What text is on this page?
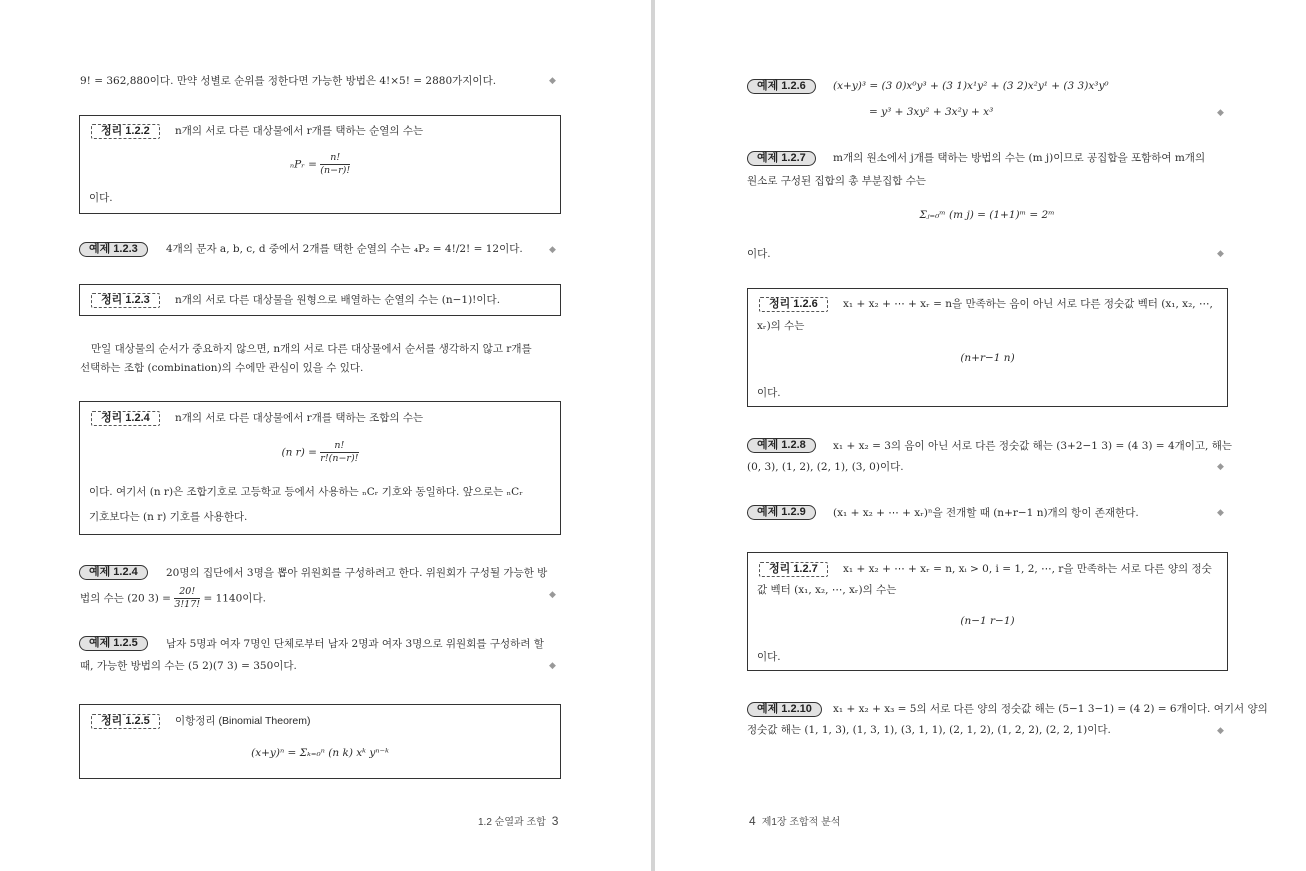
9! = 362,880이다. 만약 성별로 순위를 정한다면 가능한 방법은 4!×5! = 2880가지이다.	◆
정리 1.2.2	n개의 서로 다른 대상물에서 r개를 택하는 순열의 수는
ₙPᵣ = $\frac{n!}{(n-r)!}$
이다.
예제 1.2.3	4개의 문자 a, b, c, d 중에서 2개를 택한 순열의 수는 ₄P₂ = 4!/2! = 12이다.	◆
정리 1.2.3	n개의 서로 다른 대상물을 원형으로 배열하는 순열의 수는 (n−1)!이다.
만일 대상물의 순서가 중요하지 않으면, n개의 서로 다른 대상물에서 순서를 생각하지 않고 r개를
선택하는 조합 (combination)의 수에만 관심이 있을 수 있다.
정리 1.2.4	n개의 서로 다른 대상물에서 r개를 택하는 조합의 수는
(n $r) = \frac{n!}{r!(n-r)!}$
이다. 여기서 (n r)은 조합기호로 고등학교 등에서 사용하는 ₙCᵣ 기호와 동일하다. 앞으로는 ₙCᵣ
기호보다는 (n r) 기호를 사용한다.
예제 1.2.4	20명의 집단에서 3명을 뽑아 위원회를 구성하려고 한다. 위원회가 구성될 가능한 방
법의 수는 (20 $3) = \frac{20!}{3!17!} = 1140$이다.	◆
예제 1.2.5	남자 5명과 여자 7명인 단체로부터 남자 2명과 여자 3명으로 위원회를 구성하려 할
때, 가능한 방법의 수는 (5 2)(7 3) = 350이다.	◆
정리 1.2.5	이항정리 (Binomial Theorem)
(x+y)ⁿ = Σₖ₌₀ⁿ (n k) xᵏ yⁿ⁻ᵏ
1.2 순열과 조합 3
예제 1.2.6	(x+y)³ = (3 0)x⁰y³ + (3 1)x¹y² + (3 2)x²y¹ + (3 3)x³y⁰
= y³ + 3xy² + 3x²y + x³	◆
예제 1.2.7	m개의 원소에서 j개를 택하는 방법의 수는 (m j)이므로 공집합을 포함하여 m개의
원소로 구성된 집합의 총 부분집합 수는
Σⱼ₌₀ᵐ (m j) = (1+1)ᵐ = 2ᵐ
이다.	◆
정리 1.2.6	x₁ + x₂ + ⋯ + xᵣ = n을 만족하는 음이 아닌 서로 다른 정숫값 벡터 (x₁, x₂, ⋯,
xᵣ)의 수는
(n+r−1 n)
이다.
예제 1.2.8	x₁ + x₂ = 3의 음이 아닌 서로 다른 정숫값 해는 (3+2−1 3) = (4 3) = 4개이고, 해는
(0, 3), (1, 2), (2, 1), (3, 0)이다.	◆
예제 1.2.9	(x₁ + x₂ + ⋯ + xᵣ)ⁿ을 전개할 때 (n+r−1 n)개의 항이 존재한다.	◆
정리 1.2.7	x₁ + x₂ + ⋯ + xᵣ = n, xᵢ > 0, i = 1, 2, ⋯, r을 만족하는 서로 다른 양의 정숫
값 벡터 (x₁, x₂, ⋯, xᵣ)의 수는
(n−1 r−1)
이다.
예제 1.2.10	x₁ + x₂ + x₃ = 5의 서로 다른 양의 정숫값 해는 (5−1 3−1) = (4 2) = 6개이다. 여기서 양의
정숫값 해는 (1, 1, 3), (1, 3, 1), (3, 1, 1), (2, 1, 2), (1, 2, 2), (2, 2, 1)이다.	◆
4 제1장 조합적 분석
